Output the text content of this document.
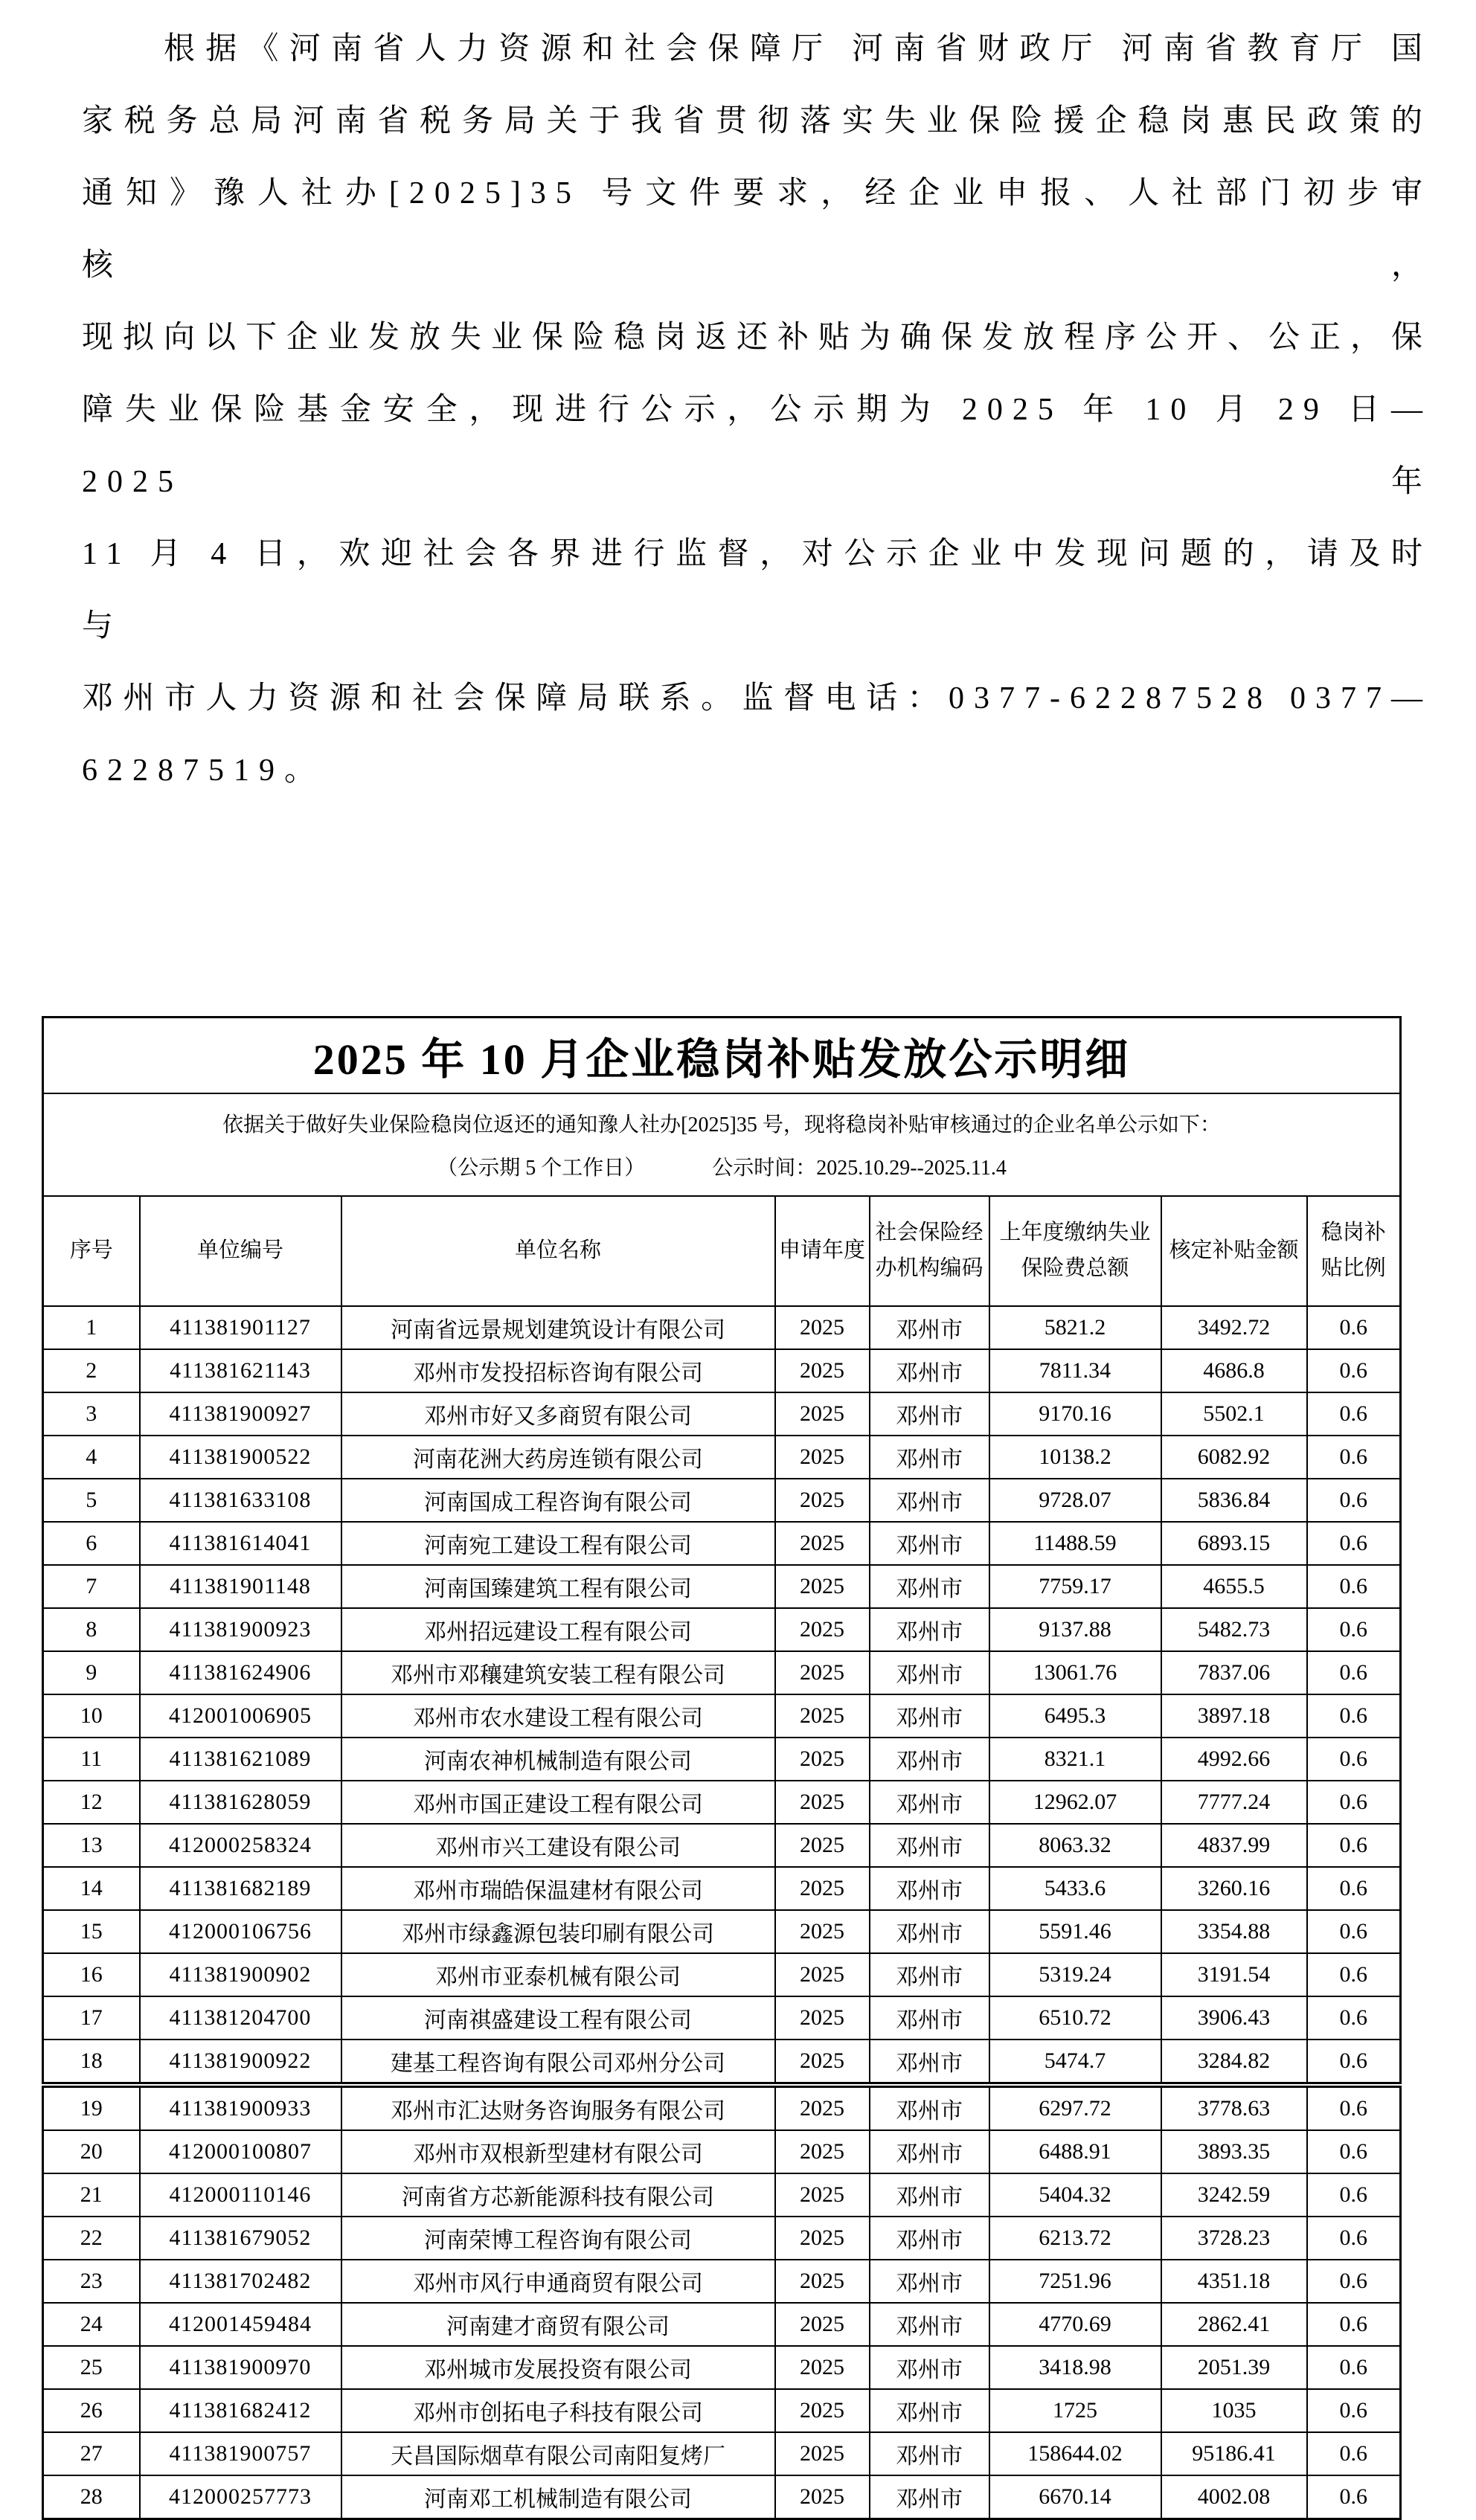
根据《河南省人力资源和社会保障厅 河南省财政厅 河南省教育厅 国
家税务总局河南省税务局关于我省贯彻落实失业保险援企稳岗惠民政策的
通知》豫人社办[2025]35 号文件要求，经企业申报、人社部门初步审核，
现拟向以下企业发放失业保险稳岗返还补贴为确保发放程序公开、公正，保
障失业保险基金安全，现进行公示，公示期为 2025 年 10 月 29 日—2025 年
11 月 4 日，欢迎社会各界进行监督，对公示企业中发现问题的，请及时与
邓州市人力资源和社会保障局联系。监督电话：0377-62287528 0377—
62287519。
2025 年 10 月企业稳岗补贴发放公示明细							

依据关于做好失业保险稳岗位返还的通知豫人社办[2025]35 号，现将稳岗补贴审核通过的企业名单公示如下：
（公示期 5 个工作日） 公示时间：2025.10.29--2025.11.4							

序号	单位编号	单位名称	申请年度	社会保险经办机构编码	上年度缴纳失业保险费总额	核定补贴金额	稳岗补贴比例
1	411381901127	河南省远景规划建筑设计有限公司	2025	邓州市	5821.2	3492.72	0.6
2	411381621143	邓州市发投招标咨询有限公司	2025	邓州市	7811.34	4686.8	0.6
3	411381900927	邓州市好又多商贸有限公司	2025	邓州市	9170.16	5502.1	0.6
4	411381900522	河南花洲大药房连锁有限公司	2025	邓州市	10138.2	6082.92	0.6
5	411381633108	河南国成工程咨询有限公司	2025	邓州市	9728.07	5836.84	0.6
6	411381614041	河南宛工建设工程有限公司	2025	邓州市	11488.59	6893.15	0.6
7	411381901148	河南国臻建筑工程有限公司	2025	邓州市	7759.17	4655.5	0.6
8	411381900923	邓州招远建设工程有限公司	2025	邓州市	9137.88	5482.73	0.6
9	411381624906	邓州市邓穰建筑安装工程有限公司	2025	邓州市	13061.76	7837.06	0.6
10	412001006905	邓州市农水建设工程有限公司	2025	邓州市	6495.3	3897.18	0.6
11	411381621089	河南农神机械制造有限公司	2025	邓州市	8321.1	4992.66	0.6
12	411381628059	邓州市国正建设工程有限公司	2025	邓州市	12962.07	7777.24	0.6
13	412000258324	邓州市兴工建设有限公司	2025	邓州市	8063.32	4837.99	0.6
14	411381682189	邓州市瑞皓保温建材有限公司	2025	邓州市	5433.6	3260.16	0.6
15	412000106756	邓州市绿鑫源包装印刷有限公司	2025	邓州市	5591.46	3354.88	0.6
16	411381900902	邓州市亚泰机械有限公司	2025	邓州市	5319.24	3191.54	0.6
17	411381204700	河南祺盛建设工程有限公司	2025	邓州市	6510.72	3906.43	0.6
18	411381900922	建基工程咨询有限公司邓州分公司	2025	邓州市	5474.7	3284.82	0.6
19	411381900933	邓州市汇达财务咨询服务有限公司	2025	邓州市	6297.72	3778.63	0.6
20	412000100807	邓州市双根新型建材有限公司	2025	邓州市	6488.91	3893.35	0.6
21	412000110146	河南省方芯新能源科技有限公司	2025	邓州市	5404.32	3242.59	0.6
22	411381679052	河南荣博工程咨询有限公司	2025	邓州市	6213.72	3728.23	0.6
23	411381702482	邓州市风行申通商贸有限公司	2025	邓州市	7251.96	4351.18	0.6
24	412001459484	河南建才商贸有限公司	2025	邓州市	4770.69	2862.41	0.6
25	411381900970	邓州城市发展投资有限公司	2025	邓州市	3418.98	2051.39	0.6
26	411381682412	邓州市创拓电子科技有限公司	2025	邓州市	1725	1035	0.6
27	411381900757	天昌国际烟草有限公司南阳复烤厂	2025	邓州市	158644.02	95186.41	0.6
28	412000257773	河南邓工机械制造有限公司	2025	邓州市	6670.14	4002.08	0.6
